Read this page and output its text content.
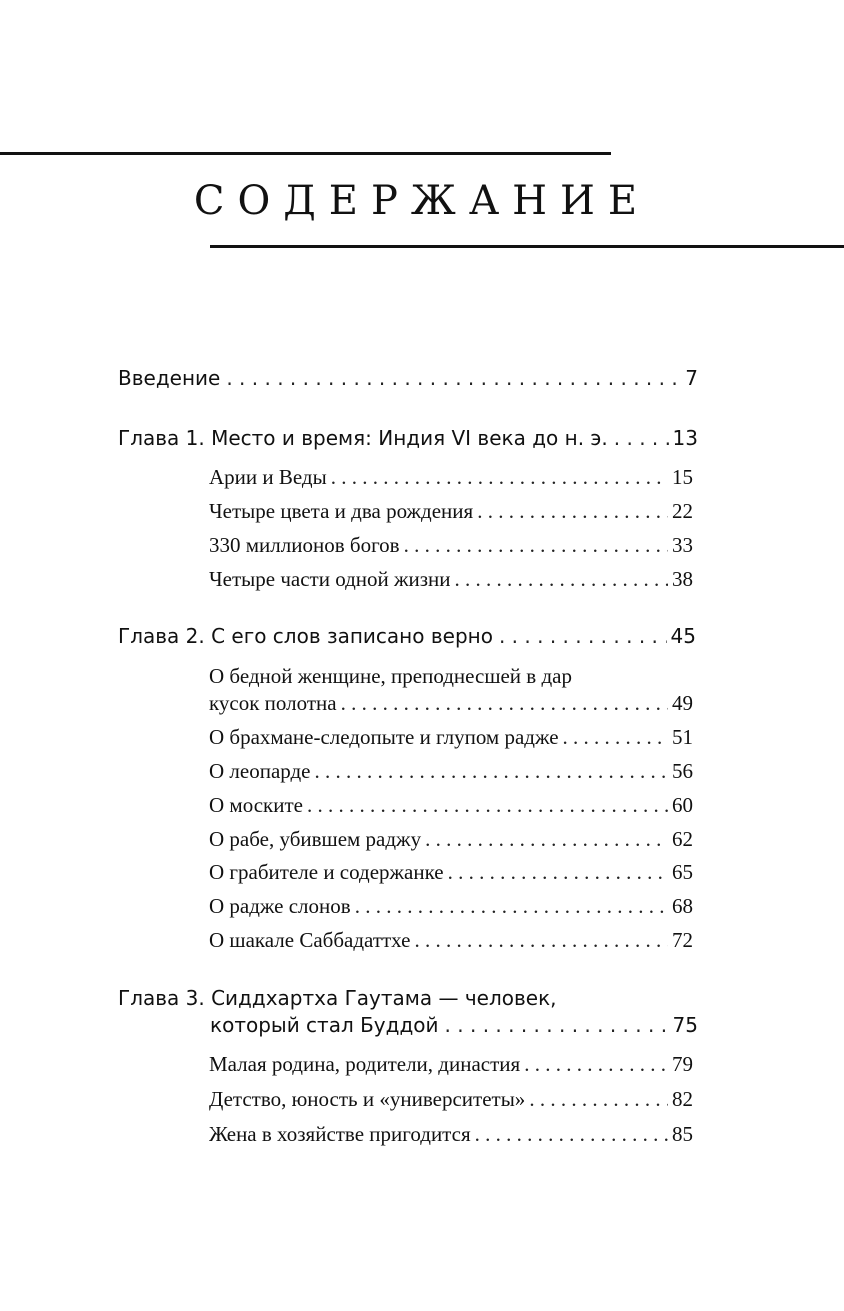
СОДЕРЖАНИЕ
Введение . . .	7
Глава 1. Место и время: Индия VI века до н. э. . . .	13
Арии и Веды . . .	15
Четыре цвета и два рождения . . .	22
330 миллионов богов . . .	33
Четыре части одной жизни . . .	38
Глава 2. С его слов записано верно . . .	45
О бедной женщине, преподнесшей в дар
кусок полотна . . .	49
О брахмане-следопыте и глупом радже . . .	51
О леопарде . . .	56
О моските . . .	60
О рабе, убившем раджу . . .	62
О грабителе и содержанке . . .	65
О радже слонов . . .	68
О шакале Саббадаттхе . . .	72
Глава 3. Сиддхартха Гаутама — человек,
который стал Буддой . . .	75
Малая родина, родители, династия . . .	79
Детство, юность и «университеты» . . .	82
Жена в хозяйстве пригодится . . .	85
